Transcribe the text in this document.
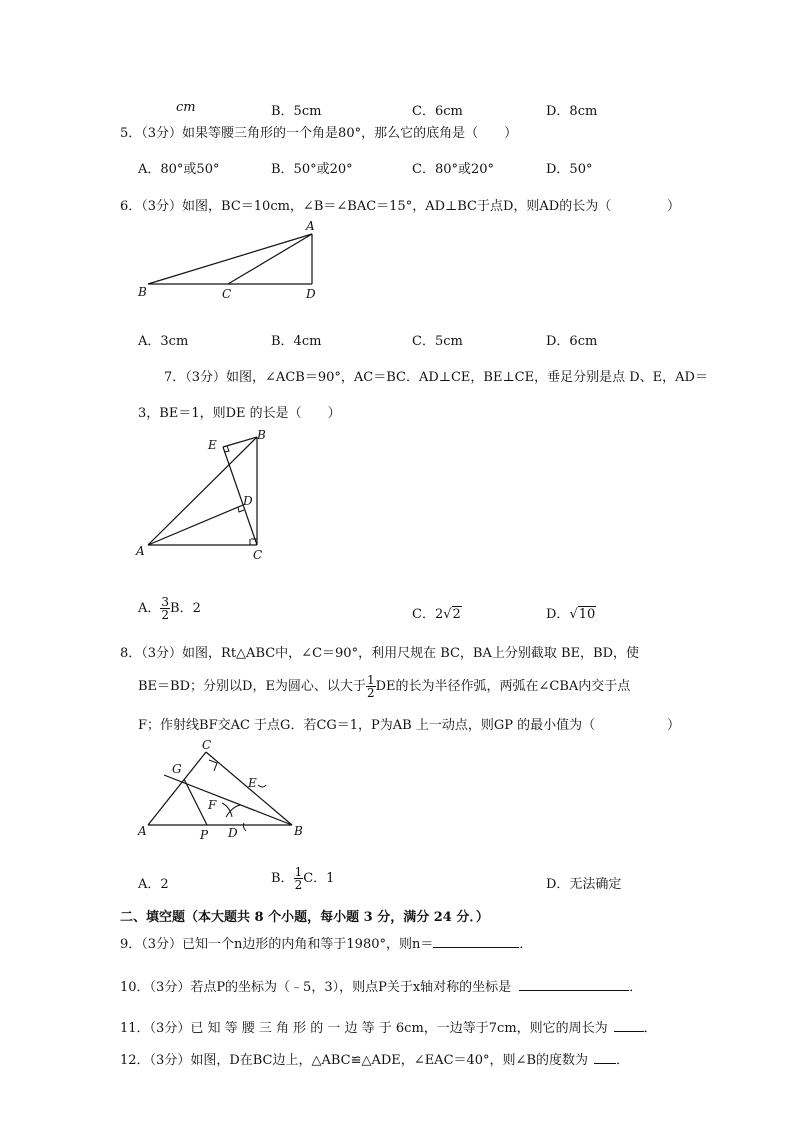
cm	B．5cm	C．6cm	D．8cm
5．（3分）如果等腰三角形的一个角是80°，那么它的底角是（　　）
A．80°或50°	B．50°或20°	C．80°或20°	D．50°
6．（3分）如图，BC＝10cm，∠B＝∠BAC＝15°，AD⊥BC于点D，则AD的长为（	）
A
B	C	D
A．3cm	B．4cm	C．5cm	D．6cm
7．（3分）如图，∠ACB＝90°，AC＝BC．AD⊥CE，BE⊥CE，垂足分别是点 D、E，AD＝
3，BE＝1，则DE 的长是（　　）
E
B
D
A	C
A． $\frac{3}{2}$ B．2	C．2√2	D．√10
8．（3分）如图，Rt△ABC中，∠C＝90°，利用尺规在 BC，BA上分别截取 BE，BD，使
BE＝BD；分别以D，E为圆心、以大于 $\frac{1}{2}$ DE的长为半径作弧，两弧在∠CBA内交于点
F；作射线BF交AC 于点G．若CG＝1，P为AB 上一动点，则GP 的最小值为（	）
C
G
E
F
A	P D	B
A．2	B． $\frac{1}{2}$ C．1	D．无法确定
二、填空题（本大题共 8 个小题，每小题 3 分，满分 24 分．）
9．（3分）已知一个n边形的内角和等于1980°，则n＝	．
10．（3分）若点P的坐标为（﹣5，3），则点P关于x轴对称的坐标是	．
11．（3分）已 知 等 腰 三 角 形 的 一 边 等 于 6cm，一边等于7cm，则它的周长为	．
12．（3分）如图，D在BC边上，△ABC≌△ADE，∠EAC＝40°，则∠B的度数为 ．
